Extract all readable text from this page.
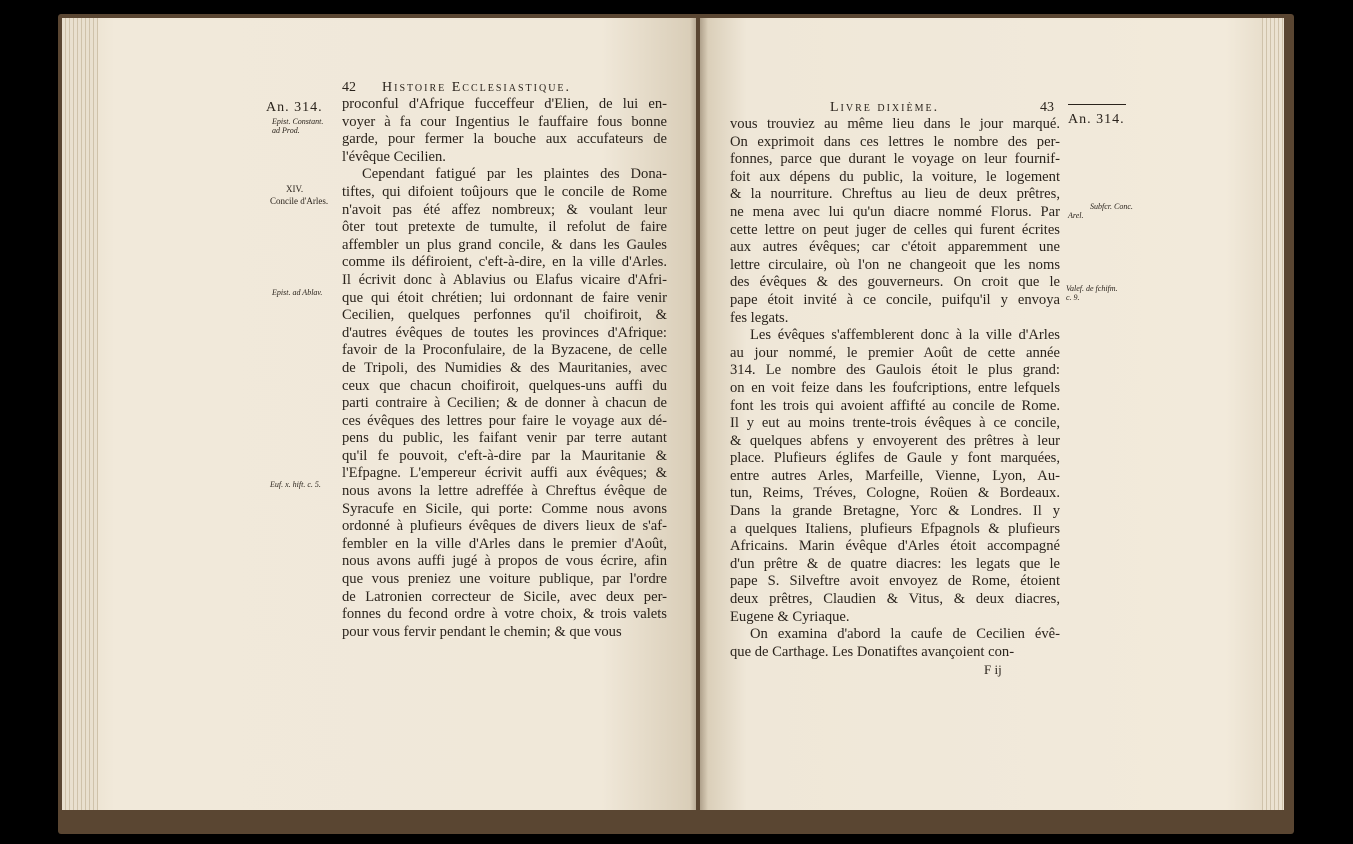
42 Histoire Ecclesiastique.
An. 314.
Epist. Constant.
ad Prod.
XIV.
Concile d'Arles.
Epist. ad Ablav.
Euf. x. hift. c. 5.
proconful d'Afrique fucceffeur d'Elien, de lui en-
voyer à fa cour Ingentius le fauffaire fous bonne
garde, pour fermer la bouche aux accufateurs de
l'évêque Cecilien.
Cependant fatigué par les plaintes des Dona-
tiftes, qui difoient toûjours que le concile de Rome
n'avoit pas été affez nombreux; & voulant leur
ôter tout pretexte de tumulte, il refolut de faire
affembler un plus grand concile, & dans les Gaules
comme ils défiroient, c'eft-à-dire, en la ville d'Arles.
Il écrivit donc à Ablavius ou Elafus vicaire d'Afri-
que qui étoit chrétien; lui ordonnant de faire venir
Cecilien, quelques perfonnes qu'il choifiroit, &
d'autres évêques de toutes les provinces d'Afrique:
favoir de la Proconfulaire, de la Byzacene, de celle
de Tripoli, des Numidies & des Mauritanies, avec
ceux que chacun choifiroit, quelques-uns auffi du
parti contraire à Cecilien; & de donner à chacun de
ces évêques des lettres pour faire le voyage aux dé-
pens du public, les faifant venir par terre autant
qu'il fe pouvoit, c'eft-à-dire par la Mauritanie &
l'Efpagne. L'empereur écrivit auffi aux évêques; &
nous avons la lettre adreffée à Chreftus évêque de
Syracufe en Sicile, qui porte: Comme nous avons
ordonné à plufieurs évêques de divers lieux de s'af-
fembler en la ville d'Arles dans le premier d'Août,
nous avons auffi jugé à propos de vous écrire, afin
que vous preniez une voiture publique, par l'ordre
de Latronien correcteur de Sicile, avec deux per-
fonnes du fecond ordre à votre choix, & trois valets
pour vous fervir pendant le chemin; & que vous
Livre dixième.	43
An. 314.
Subfcr. Conc.
Arel.
Valef. de fchifm.
c. 9.
vous trouviez au même lieu dans le jour marqué.
On exprimoit dans ces lettres le nombre des per-
fonnes, parce que durant le voyage on leur fournif-
foit aux dépens du public, la voiture, le logement
& la nourriture. Chreftus au lieu de deux prêtres,
ne mena avec lui qu'un diacre nommé Florus. Par
cette lettre on peut juger de celles qui furent écrites
aux autres évêques; car c'étoit apparemment une
lettre circulaire, où l'on ne changeoit que les noms
des évêques & des gouverneurs. On croit que le
pape étoit invité à ce concile, puifqu'il y envoya
fes legats.
Les évêques s'affemblerent donc à la ville d'Arles
au jour nommé, le premier Août de cette année
314. Le nombre des Gaulois étoit le plus grand:
on en voit feize dans les foufcriptions, entre lefquels
font les trois qui avoient affifté au concile de Rome.
Il y eut au moins trente-trois évêques à ce concile,
& quelques abfens y envoyerent des prêtres à leur
place. Plufieurs églifes de Gaule y font marquées,
entre autres Arles, Marfeille, Vienne, Lyon, Au-
tun, Reims, Tréves, Cologne, Roüen & Bordeaux.
Dans la grande Bretagne, Yorc & Londres. Il y
a quelques Italiens, plufieurs Efpagnols & plufieurs
Africains. Marin évêque d'Arles étoit accompagné
d'un prêtre & de quatre diacres: les legats que le
pape S. Silveftre avoit envoyez de Rome, étoient
deux prêtres, Claudien & Vitus, & deux diacres,
Eugene & Cyriaque.
On examina d'abord la caufe de Cecilien évê-
que de Carthage. Les Donatiftes avançoient con-
F ij
